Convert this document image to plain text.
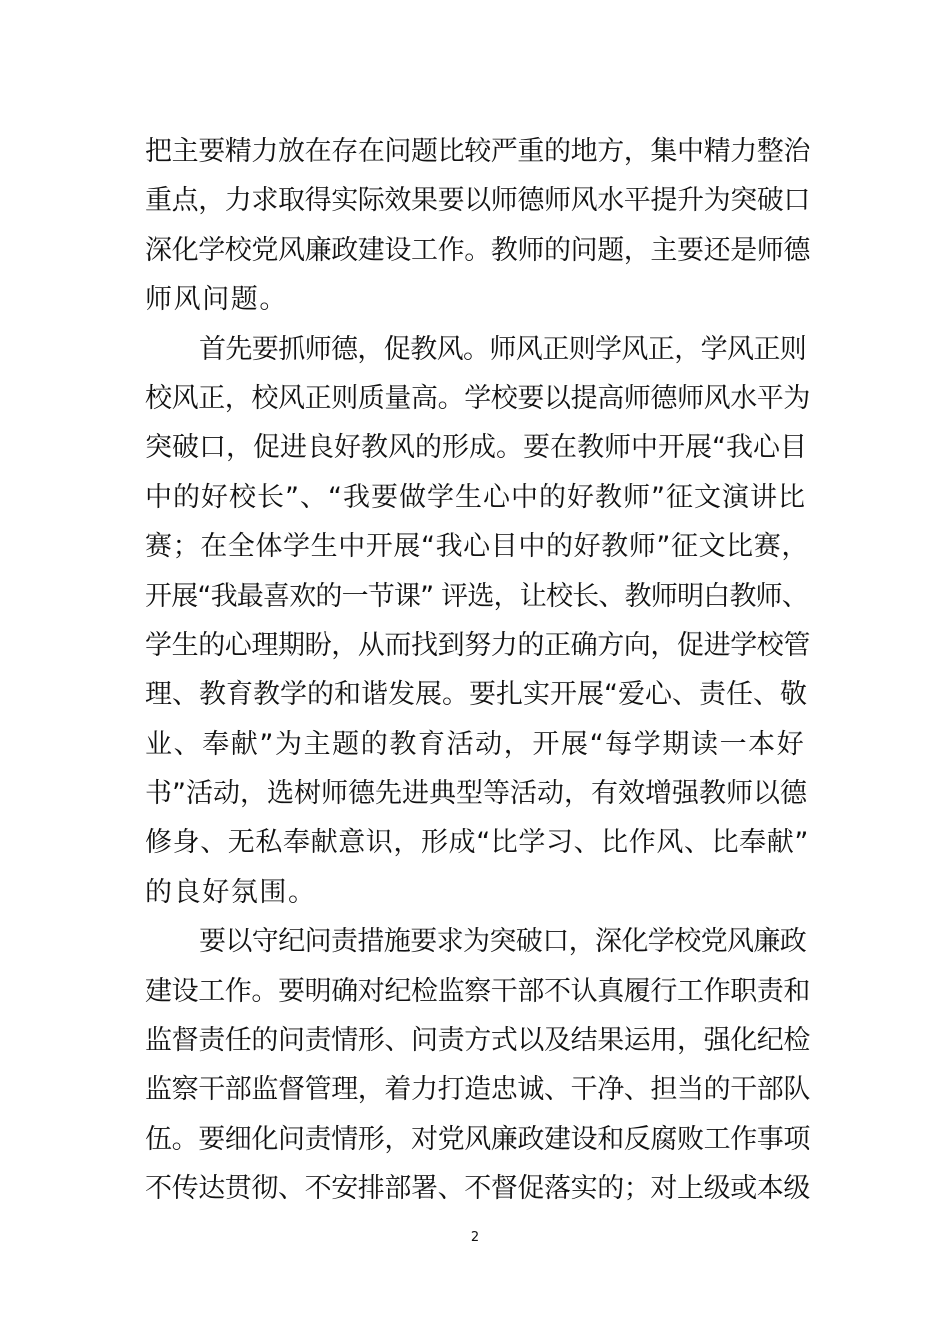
把主要精力放在存在问题比较严重的地方，集中精力整治
重点，力求取得实际效果要以师德师风水平提升为突破口
深化学校党风廉政建设工作。教师的问题，主要还是师德
师风问题。
首先要抓师德，促教风。师风正则学风正，学风正则
校风正，校风正则质量高。学校要以提高师德师风水平为
突破口，促进良好教风的形成。要在教师中开展“我心目
中的好校长”、“我要做学生心中的好教师”征文演讲比
赛；在全体学生中开展“我心目中的好教师”征文比赛，
开展“我最喜欢的一节课” 评选，让校长、教师明白教师、
学生的心理期盼，从而找到努力的正确方向，促进学校管
理、教育教学的和谐发展。要扎实开展“爱心、责任、敬
业、奉献”为主题的教育活动，开展“每学期读一本好
书”活动，选树师德先进典型等活动，有效增强教师以德
修身、无私奉献意识，形成“比学习、比作风、比奉献”
的良好氛围。
要以守纪问责措施要求为突破口，深化学校党风廉政
建设工作。要明确对纪检监察干部不认真履行工作职责和
监督责任的问责情形、问责方式以及结果运用，强化纪检
监察干部监督管理，着力打造忠诚、干净、担当的干部队
伍。要细化问责情形，对党风廉政建设和反腐败工作事项
不传达贯彻、不安排部署、不督促落实的；对上级或本级
2
